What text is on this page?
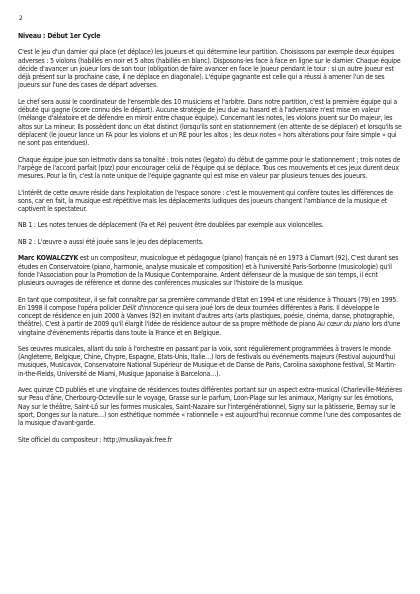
2
Niveau : Début 1er Cycle

C'est le jeu d'un damier qui place (et déplace) les joueurs et qui détermine leur partition. Choisissons par exemple deux équipes adverses : 5 violons (habillés en noir et 5 altos (habillés en blanc). Disposons-les face à face en ligne sur le damier. Chaque équipe décide d'avancer un joueur lors de son tour (obligation de faire avancer en face le joueur pendant le tour : si un autre joueur est déjà présent sur la prochaine case, il ne déplace en diagonale). L'équipe gagnante est celle qui a réussi à amener l'un de ses joueurs sur l'une des cases de départ adverses.

Le chef sera aussi le coordinateur de l'ensemble des 10 musiciens et l'arbitre. Dans notre partition, c'est la première équipe qui a débuté qui gagne (score connu dès le départ). Aucune stratégie de jeu due au hasard et à l'adversaire n'est mise en valeur (mélange d'aléatoire et de défendre en miroir entre chaque équipe). Concernant les notes, les violons jouent sur Do majeur, les altos sur La mineur. Ils possèdent donc un état distinct (lorsqu'ils sont en stationnement (en attente de se déplacer) et lorsqu'ils se déplacent (le joueur lance un FA pour les violons et un RE pour les altos ; les deux notes « hors altérations pour faire simple » qui ne sont pas entendues).

Chaque équipe joue son leitmotiv dans sa tonalité : trois notes (legato) du début de gamme pour le stationnement ; trois notes de l'arpège de l'accord parfait (pizz) pour encourager celui de l'équipe qui se déplace. Tous ces mouvements et ces jeux durent deux mesures. Pour la fin, c'est la note unique de l'équipe gagnante qui est mise en valeur par plusieurs tenues des joueurs.

L'intérêt de cette œuvre réside dans l'exploitation de l'espace sonore : c'est le mouvement qui confère toutes les différences de sons, car en fait, la musique est répétitive mais les déplacements ludiques des joueurs changent l'ambiance de la musique et captivent le spectateur.

NB 1 : Les notes tenues de déplacement (Fa et Ré) peuvent être doublées par exemple aux violoncelles.

NB 2 : L'œuvre a aussi été jouée sans le jeu des déplacements.

Marc KOWALCZYK est un compositeur, musicologue et pédagogue (piano) français né en 1973 à Clamart (92). C'est durant ses études en Conservatoire (piano, harmonie, analyse musicale et composition) et à l'université Paris-Sorbonne (musicologie) qu'il fonde l'Association pour la Promotion de la Musique Contemporaine. Ardent défenseur de la musique de son temps, il écrit plusieurs ouvrages de référence et donne des conférences musicales sur l'histoire de la musique.

En tant que compositeur, il se fait connaître par sa première commande d'Etat en 1994 et une résidence à Thouars (79) en 1995. En 1998 il compose l'opéra policier Délit d'innocence qui sera joué lors de deux tournées différentes à Paris. Il développe le concept de résidence en juin 2000 à Vanves (92) en invitant d'autres arts (arts plastiques, poésie, cinéma, danse, photographie, théâtre). C'est à partir de 2009 qu'il élargit l'idée de résidence autour de sa propre méthode de piano Au cœur du piano lors d'une vingtaine d'évènements répartis dans toute la France et en Belgique.

Ses œuvres musicales, allant du solo à l'orchestre en passant par la voix, sont régulièrement programmées à travers le monde (Angleterre, Belgique, Chine, Chypre, Espagne, Etats-Unis, Italie…) lors de festivals ou événements majeurs (Festival aujourd'hui musiques, Musicavox, Conservatoire National Supérieur de Musique et de Danse de Paris, Carolina saxophone festival, St Martin-in-the-Fields, Université de Miami, Musique Japonaise à Barcelona…).

Avec quinze CD publiés et une vingtaine de résidences toutes différentes portant sur un aspect extra-musical (Charleville-Mézières sur Peau d'âne, Cherbourg-Octeville sur le voyage, Grasse sur le parfum, Loon-Plage sur les animaux, Marigny sur les émotions, Nay sur le théâtre, Saint-Lô sur les formes musicales, Saint-Nazaire sur l'intergénérationnel, Signy sur la pâtisserie, Bernay sur le sport, Donges sur la nature…) son esthétique nommée « rationnelle » est aujourd'hui reconnue comme l'une des composantes de la musique d'avant-garde.

Site officiel du compositeur : http://musikayak.free.fr
